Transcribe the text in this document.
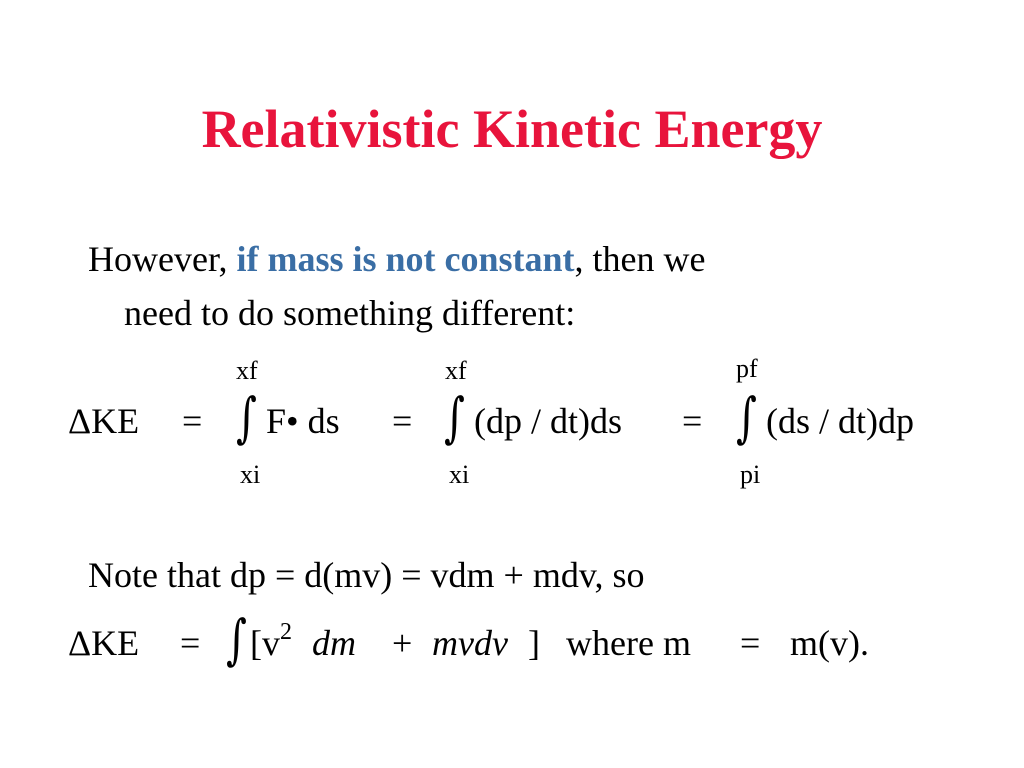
Relativistic Kinetic Energy
However, if mass is not constant, then we
need to do something different:
xf
xi
xf
xi
pf
pi
ΔKE = ∫ F• ds = ∫ (dp / dt)ds = ∫ (ds / dt)dp
Note that dp = d(mv) = vdm + mdv, so
ΔKE = ∫ [$v^2$ dm + mvdv ] where m = m(v).
